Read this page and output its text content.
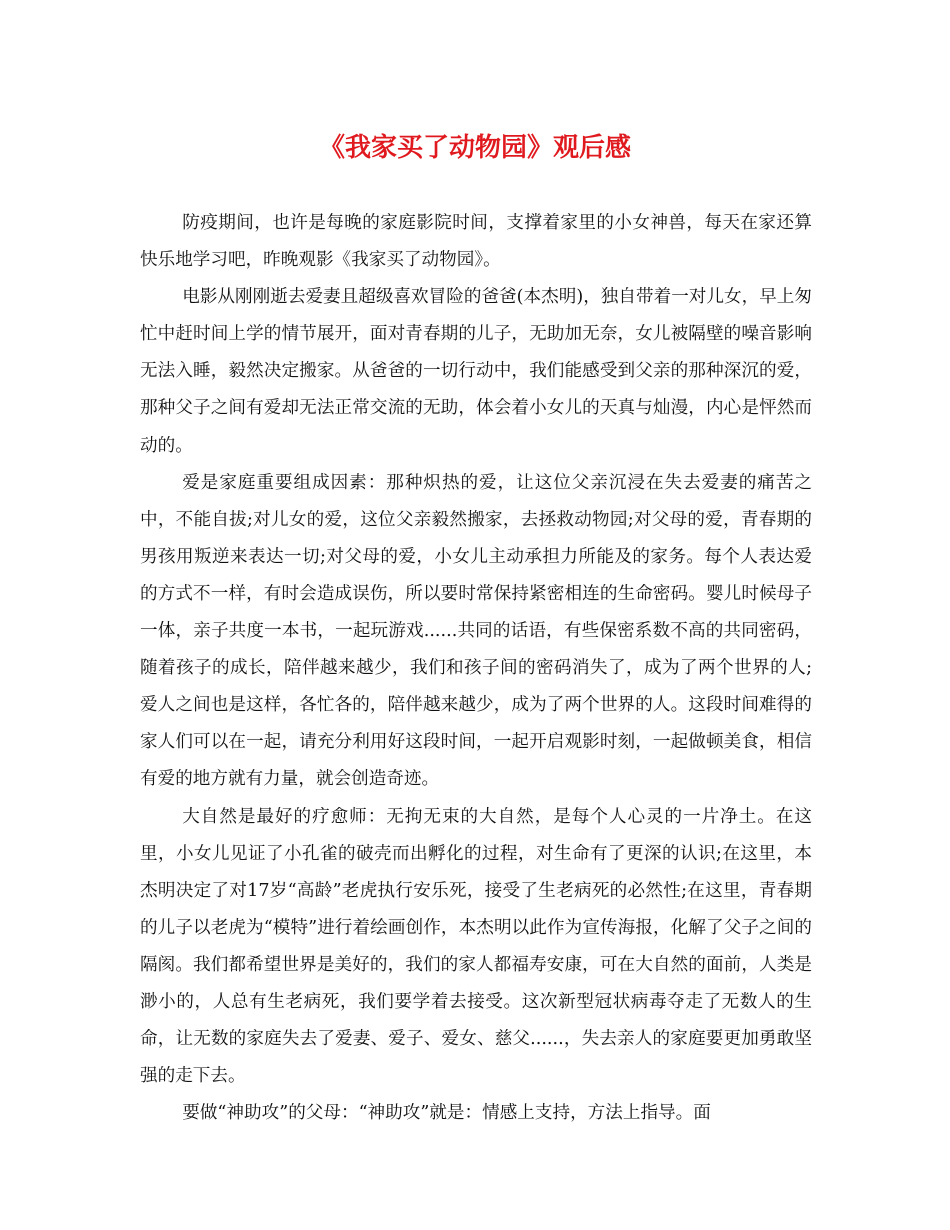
《我家买了动物园》观后感

防疫期间，也许是每晚的家庭影院时间，支撑着家里的小女神兽，每天在家还算快乐地学习吧，昨晚观影《我家买了动物园》。

电影从刚刚逝去爱妻且超级喜欢冒险的爸爸(本杰明)，独自带着一对儿女，早上匆忙中赶时间上学的情节展开，面对青春期的儿子，无助加无奈，女儿被隔壁的噪音影响无法入睡，毅然决定搬家。从爸爸的一切行动中，我们能感受到父亲的那种深沉的爱，那种父子之间有爱却无法正常交流的无助，体会着小女儿的天真与灿漫，内心是怦然而动的。

爱是家庭重要组成因素：那种炽热的爱，让这位父亲沉浸在失去爱妻的痛苦之中，不能自拔;对儿女的爱，这位父亲毅然搬家，去拯救动物园;对父母的爱，青春期的男孩用叛逆来表达一切;对父母的爱，小女儿主动承担力所能及的家务。每个人表达爱的方式不一样，有时会造成误伤，所以要时常保持紧密相连的生命密码。婴儿时候母子一体，亲子共度一本书，一起玩游戏......共同的话语，有些保密系数不高的共同密码，随着孩子的成长，陪伴越来越少，我们和孩子间的密码消失了，成为了两个世界的人;爱人之间也是这样，各忙各的，陪伴越来越少，成为了两个世界的人。这段时间难得的家人们可以在一起，请充分利用好这段时间，一起开启观影时刻，一起做顿美食，相信有爱的地方就有力量，就会创造奇迹。

大自然是最好的疗愈师：无拘无束的大自然，是每个人心灵的一片净土。在这里，小女儿见证了小孔雀的破壳而出孵化的过程，对生命有了更深的认识;在这里，本杰明决定了对17岁“高龄”老虎执行安乐死，接受了生老病死的必然性;在这里，青春期的儿子以老虎为“模特”进行着绘画创作，本杰明以此作为宣传海报，化解了父子之间的隔阂。我们都希望世界是美好的，我们的家人都福寿安康，可在大自然的面前，人类是渺小的，人总有生老病死，我们要学着去接受。这次新型冠状病毒夺走了无数人的生命，让无数的家庭失去了爱妻、爱子、爱女、慈父......，失去亲人的家庭要更加勇敢坚强的走下去。

要做“神助攻”的父母：“神助攻”就是：情感上支持，方法上指导。面
